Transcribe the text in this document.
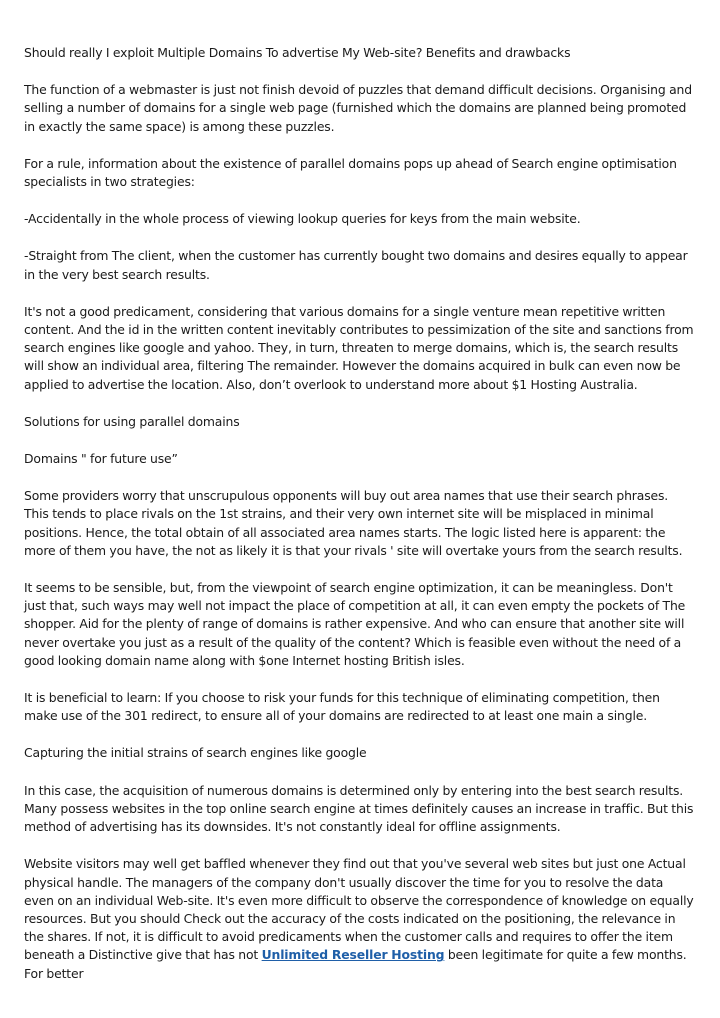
Should really I exploit Multiple Domains To advertise My Web-site? Benefits and drawbacks

The function of a webmaster is just not finish devoid of puzzles that demand difficult decisions. Organising and selling a number of domains for a single web page (furnished which the domains are planned being promoted in exactly the same space) is among these puzzles.

For a rule, information about the existence of parallel domains pops up ahead of Search engine optimisation specialists in two strategies:

-Accidentally in the whole process of viewing lookup queries for keys from the main website.

-Straight from The client, when the customer has currently bought two domains and desires equally to appear in the very best search results.

It's not a good predicament, considering that various domains for a single venture mean repetitive written content. And the id in the written content inevitably contributes to pessimization of the site and sanctions from search engines like google and yahoo. They, in turn, threaten to merge domains, which is, the search results will show an individual area, filtering The remainder. However the domains acquired in bulk can even now be applied to advertise the location. Also, don’t overlook to understand more about $1 Hosting Australia.

Solutions for using parallel domains

Domains " for future use”

Some providers worry that unscrupulous opponents will buy out area names that use their search phrases. This tends to place rivals on the 1st strains, and their very own internet site will be misplaced in minimal positions. Hence, the total obtain of all associated area names starts. The logic listed here is apparent: the more of them you have, the not as likely it is that your rivals ' site will overtake yours from the search results.

It seems to be sensible, but, from the viewpoint of search engine optimization, it can be meaningless. Don't just that, such ways may well not impact the place of competition at all, it can even empty the pockets of The shopper. Aid for the plenty of range of domains is rather expensive. And who can ensure that another site will never overtake you just as a result of the quality of the content? Which is feasible even without the need of a good looking domain name along with $one Internet hosting British isles.

It is beneficial to learn: If you choose to risk your funds for this technique of eliminating competition, then make use of the 301 redirect, to ensure all of your domains are redirected to at least one main a single.

Capturing the initial strains of search engines like google

In this case, the acquisition of numerous domains is determined only by entering into the best search results. Many possess websites in the top online search engine at times definitely causes an increase in traffic. But this method of advertising has its downsides. It's not constantly ideal for offline assignments.

Website visitors may well get baffled whenever they find out that you've several web sites but just one Actual physical handle. The managers of the company don't usually discover the time for you to resolve the data even on an individual Web-site. It's even more difficult to observe the correspondence of knowledge on equally resources. But you should Check out the accuracy of the costs indicated on the positioning, the relevance in the shares. If not, it is difficult to avoid predicaments when the customer calls and requires to offer the item beneath a Distinctive give that has not Unlimited Reseller Hosting been legitimate for quite a few months. For better
